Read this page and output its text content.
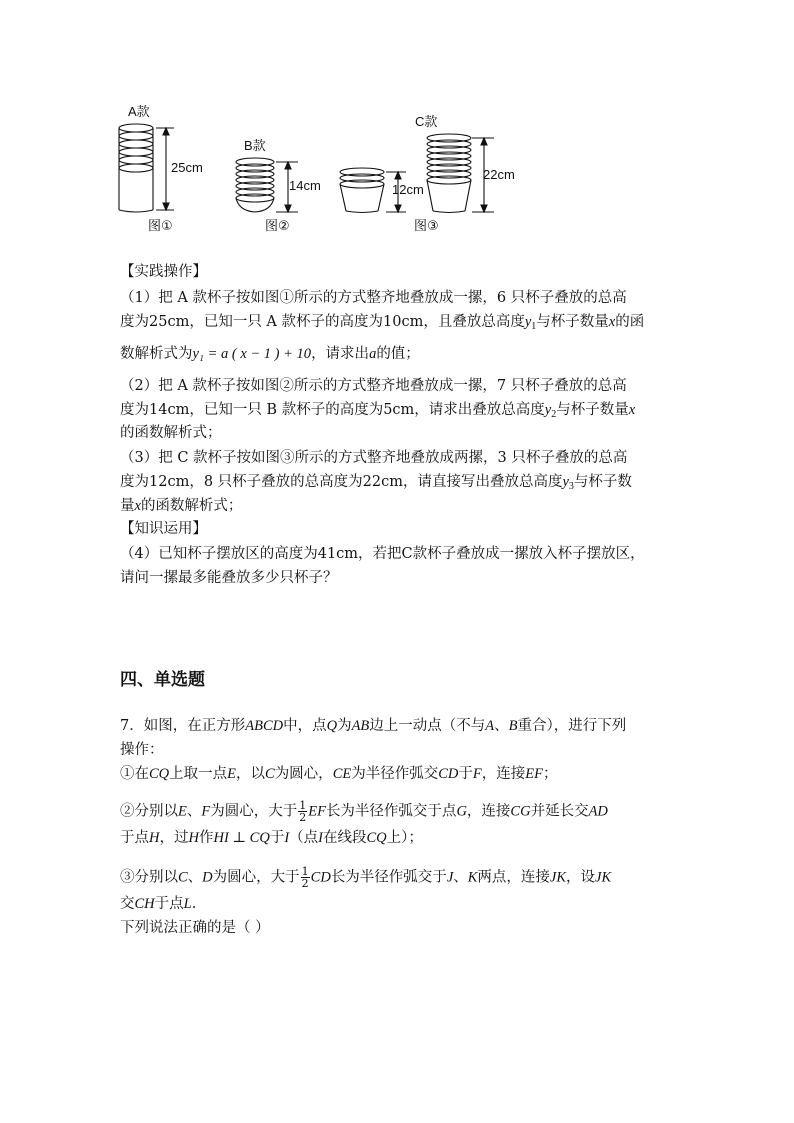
A款
25cm
图①
B款
14cm
图②
12cm
C款
22cm
图③
【实践操作】
（1）把 A 款杯子按如图①所示的方式整齐地叠放成一摞，6 只杯子叠放的总高
度为25cm，已知一只 A 款杯子的高度为10cm，且叠放总高度$y_1$与杯子数量x的函
数解析式为y₁ = a ( x − 1 ) + 10，请求出a的值；
（2）把 A 款杯子按如图②所示的方式整齐地叠放成一摞，7 只杯子叠放的总高
度为14cm，已知一只 B 款杯子的高度为5cm，请求出叠放总高度$y_2$与杯子数量x
的函数解析式；
（3）把 C 款杯子按如图③所示的方式整齐地叠放成两摞，3 只杯子叠放的总高
度为12cm，8 只杯子叠放的总高度为22cm，请直接写出叠放总高度$y_3$与杯子数
量x的函数解析式；
【知识运用】
（4）已知杯子摆放区的高度为41cm，若把C款杯子叠放成一摞放入杯子摆放区，
请问一摞最多能叠放多少只杯子？
四、单选题
7．如图，在正方形ABCD中，点Q为AB边上一动点（不与A、B重合），进行下列
操作：
①在CQ上取一点E，以C为圆心，CE为半径作弧交CD于F，连接EF；
②分别以E、F为圆心，大于 $\frac{1}{2}$ EF长为半径作弧交于点G，连接CG并延长交AD
于点H，过H作HI ⊥ CQ于I（点I在线段CQ上）；
③分别以C、D为圆心，大于 $\frac{1}{2}$ CD长为半径作弧交于J、K两点，连接JK，设JK
交CH于点L.
下列说法正确的是（ ）
